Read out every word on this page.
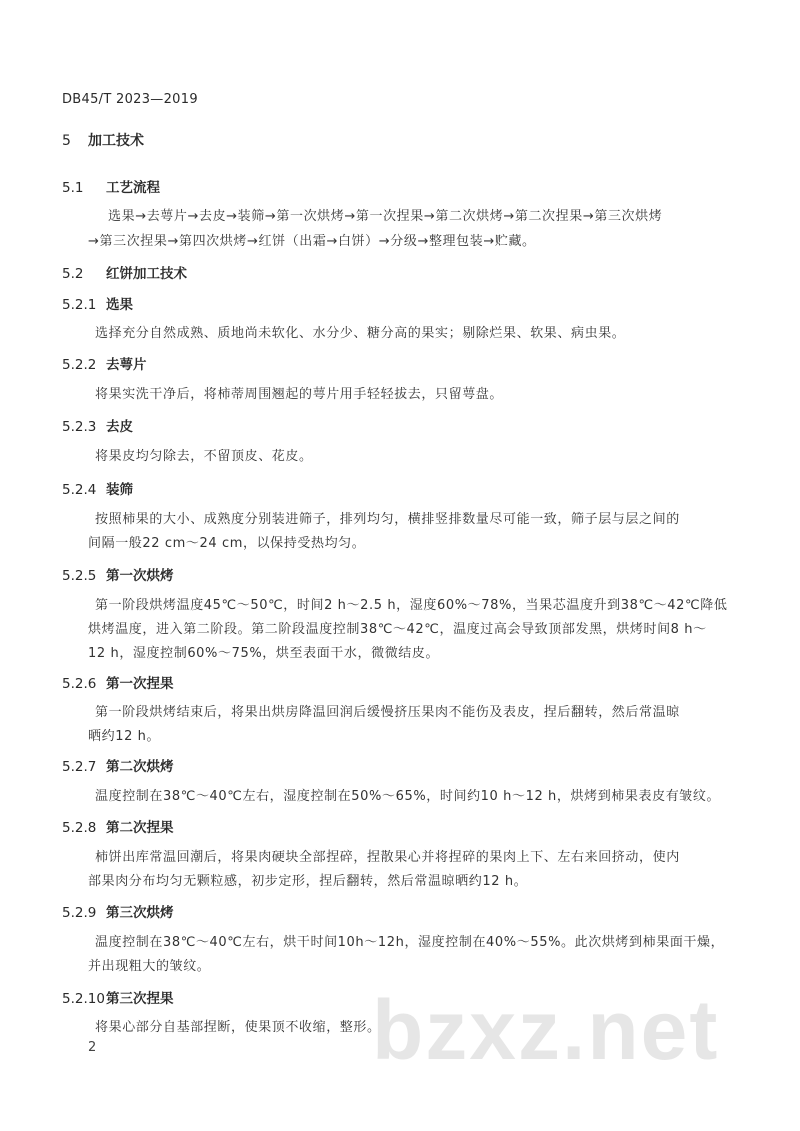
DB45/T 2023—2019
5 加工技术
5.1 工艺流程
选果→去萼片→去皮→装筛→第一次烘烤→第一次捏果→第二次烘烤→第二次捏果→第三次烘烤
→第三次捏果→第四次烘烤→红饼（出霜→白饼）→分级→整理包装→贮藏。
5.2 红饼加工技术
5.2.1 选果
选择充分自然成熟、质地尚未软化、水分少、糖分高的果实；剔除烂果、软果、病虫果。
5.2.2 去萼片
将果实洗干净后，将柿蒂周围翘起的萼片用手轻轻拔去，只留萼盘。
5.2.3 去皮
将果皮均匀除去，不留顶皮、花皮。
5.2.4 装筛
按照柿果的大小、成熟度分别装进筛子，排列均匀，横排竖排数量尽可能一致，筛子层与层之间的
间隔一般22 cm～24 cm，以保持受热均匀。
5.2.5 第一次烘烤
第一阶段烘烤温度45℃～50℃，时间2 h～2.5 h，湿度60%～78%，当果芯温度升到38℃～42℃降低
烘烤温度，进入第二阶段。第二阶段温度控制38℃～42℃，温度过高会导致顶部发黑，烘烤时间8 h～
12 h，湿度控制60%～75%，烘至表面干水，微微结皮。
5.2.6 第一次捏果
第一阶段烘烤结束后，将果出烘房降温回润后缓慢挤压果肉不能伤及表皮，捏后翻转，然后常温晾
晒约12 h。
5.2.7 第二次烘烤
温度控制在38℃～40℃左右，湿度控制在50%～65%，时间约10 h～12 h，烘烤到柿果表皮有皱纹。
5.2.8 第二次捏果
柿饼出库常温回潮后，将果肉硬块全部捏碎，捏散果心并将捏碎的果肉上下、左右来回挤动，使内
部果肉分布均匀无颗粒感，初步定形，捏后翻转，然后常温晾晒约12 h。
5.2.9 第三次烘烤
温度控制在38℃～40℃左右，烘干时间10h～12h，湿度控制在40%～55%。此次烘烤到柿果面干燥，
并出现粗大的皱纹。
5.2.10第三次捏果
将果心部分自基部捏断，使果顶不收缩，整形。
2	bzxz.net
